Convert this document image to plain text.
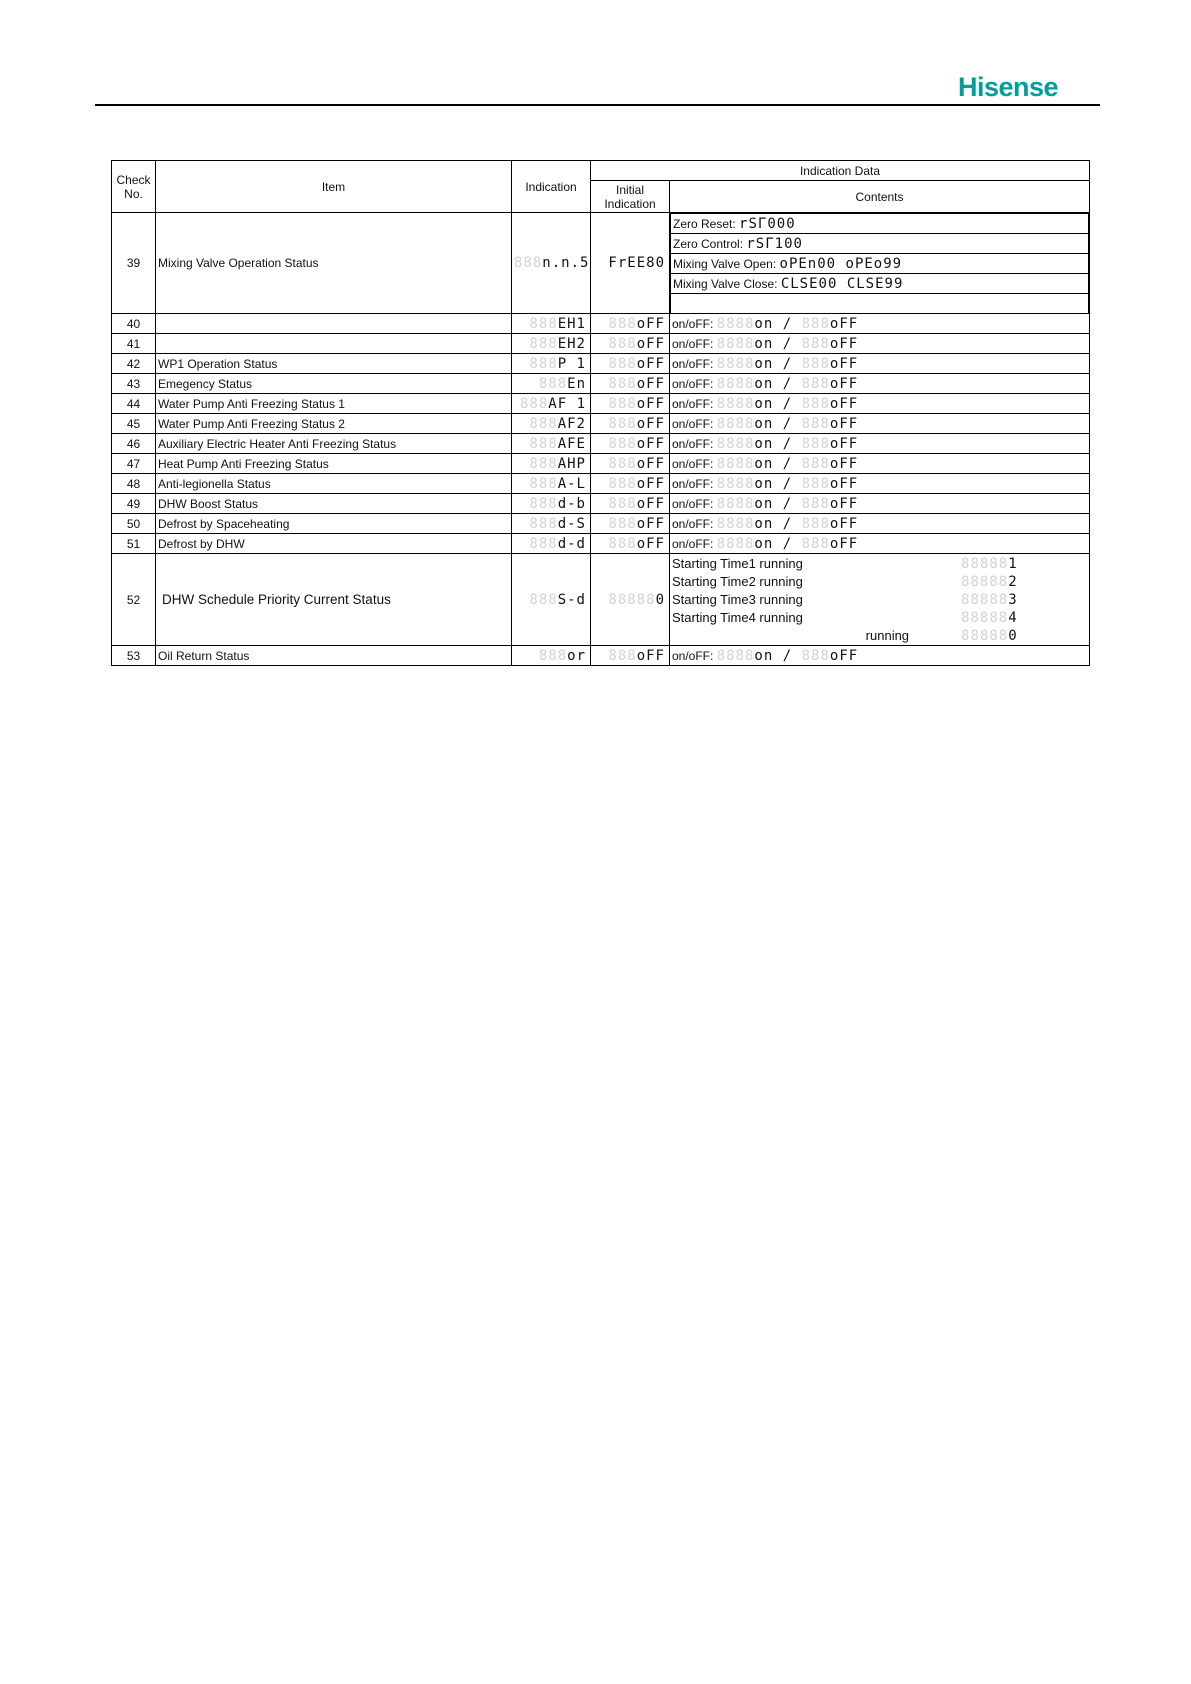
Hisense
Check No.	Item	Indication	Indication Data
Initial Indication	Contents
39	Mixing Valve Operation Status	888n.n.5	FrEE80	
Zero Reset: rSΓ000
Zero Control: rSΓ100
Mixing Valve Open: oPEn00 oPEo99
Mixing Valve Close: CLSE00 CLSE99

40		888EH1	888oFF	on/oFF: 8888on / 888oFF
41		888EH2	888oFF	on/oFF: 8888on / 888oFF
42	WP1 Operation Status	888P 1	888oFF	on/oFF: 8888on / 888oFF
43	Emegency Status	888En	888oFF	on/oFF: 8888on / 888oFF
44	Water Pump Anti Freezing Status 1	888AF 1	888oFF	on/oFF: 8888on / 888oFF
45	Water Pump Anti Freezing Status 2	888AF2	888oFF	on/oFF: 8888on / 888oFF
46	Auxiliary Electric Heater Anti Freezing Status	888AFE	888oFF	on/oFF: 8888on / 888oFF
47	Heat Pump Anti Freezing Status	888AHP	888oFF	on/oFF: 8888on / 888oFF
48	Anti-legionella Status	888A-L	888oFF	on/oFF: 8888on / 888oFF
49	DHW Boost Status	888d-b	888oFF	on/oFF: 8888on / 888oFF
50	Defrost by Spaceheating	888d-S	888oFF	on/oFF: 8888on / 888oFF
51	Defrost by DHW	888d-d	888oFF	on/oFF: 8888on / 888oFF
52	DHW Schedule Priority Current Status	888S-d	888880	
Starting Time1 running	888881
Starting Time2 running	888882
Starting Time3 running	888883
Starting Time4 running	888884
running	888880

53	Oil Return Status	888or	888oFF	on/oFF: 8888on / 888oFF
